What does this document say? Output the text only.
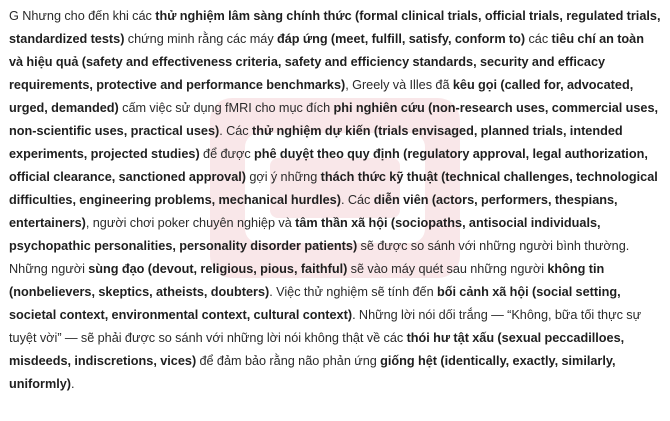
G Nhưng cho đến khi các thử nghiệm lâm sàng chính thức (formal clinical trials, official trials, regulated trials, standardized tests) chứng minh rằng các máy đáp ứng (meet, fulfill, satisfy, conform to) các tiêu chí an toàn và hiệu quả (safety and effectiveness criteria, safety and efficiency standards, security and efficacy requirements, protective and performance benchmarks), Greely và Illes đã kêu gọi (called for, advocated, urged, demanded) cấm việc sử dụng fMRI cho mục đích phi nghiên cứu (non-research uses, commercial uses, non-scientific uses, practical uses). Các thử nghiệm dự kiến (trials envisaged, planned trials, intended experiments, projected studies) để được phê duyệt theo quy định (regulatory approval, legal authorization, official clearance, sanctioned approval) gợi ý những thách thức kỹ thuật (technical challenges, technological difficulties, engineering problems, mechanical hurdles). Các diễn viên (actors, performers, thespians, entertainers), người chơi poker chuyên nghiệp và tâm thần xã hội (sociopaths, antisocial individuals, psychopathic personalities, personality disorder patients) sẽ được so sánh với những người bình thường. Những người sùng đạo (devout, religious, pious, faithful) sẽ vào máy quét sau những người không tin (nonbelievers, skeptics, atheists, doubters). Việc thử nghiệm sẽ tính đến bối cảnh xã hội (social setting, societal context, environmental context, cultural context). Những lời nói dối trắng — “Không, bữa tối thực sự tuyệt vời” — sẽ phải được so sánh với những lời nói không thật về các thói hư tật xấu (sexual peccadilloes, misdeeds, indiscretions, vices) để đảm bảo rằng não phản ứng giống hệt (identically, exactly, similarly, uniformly).
